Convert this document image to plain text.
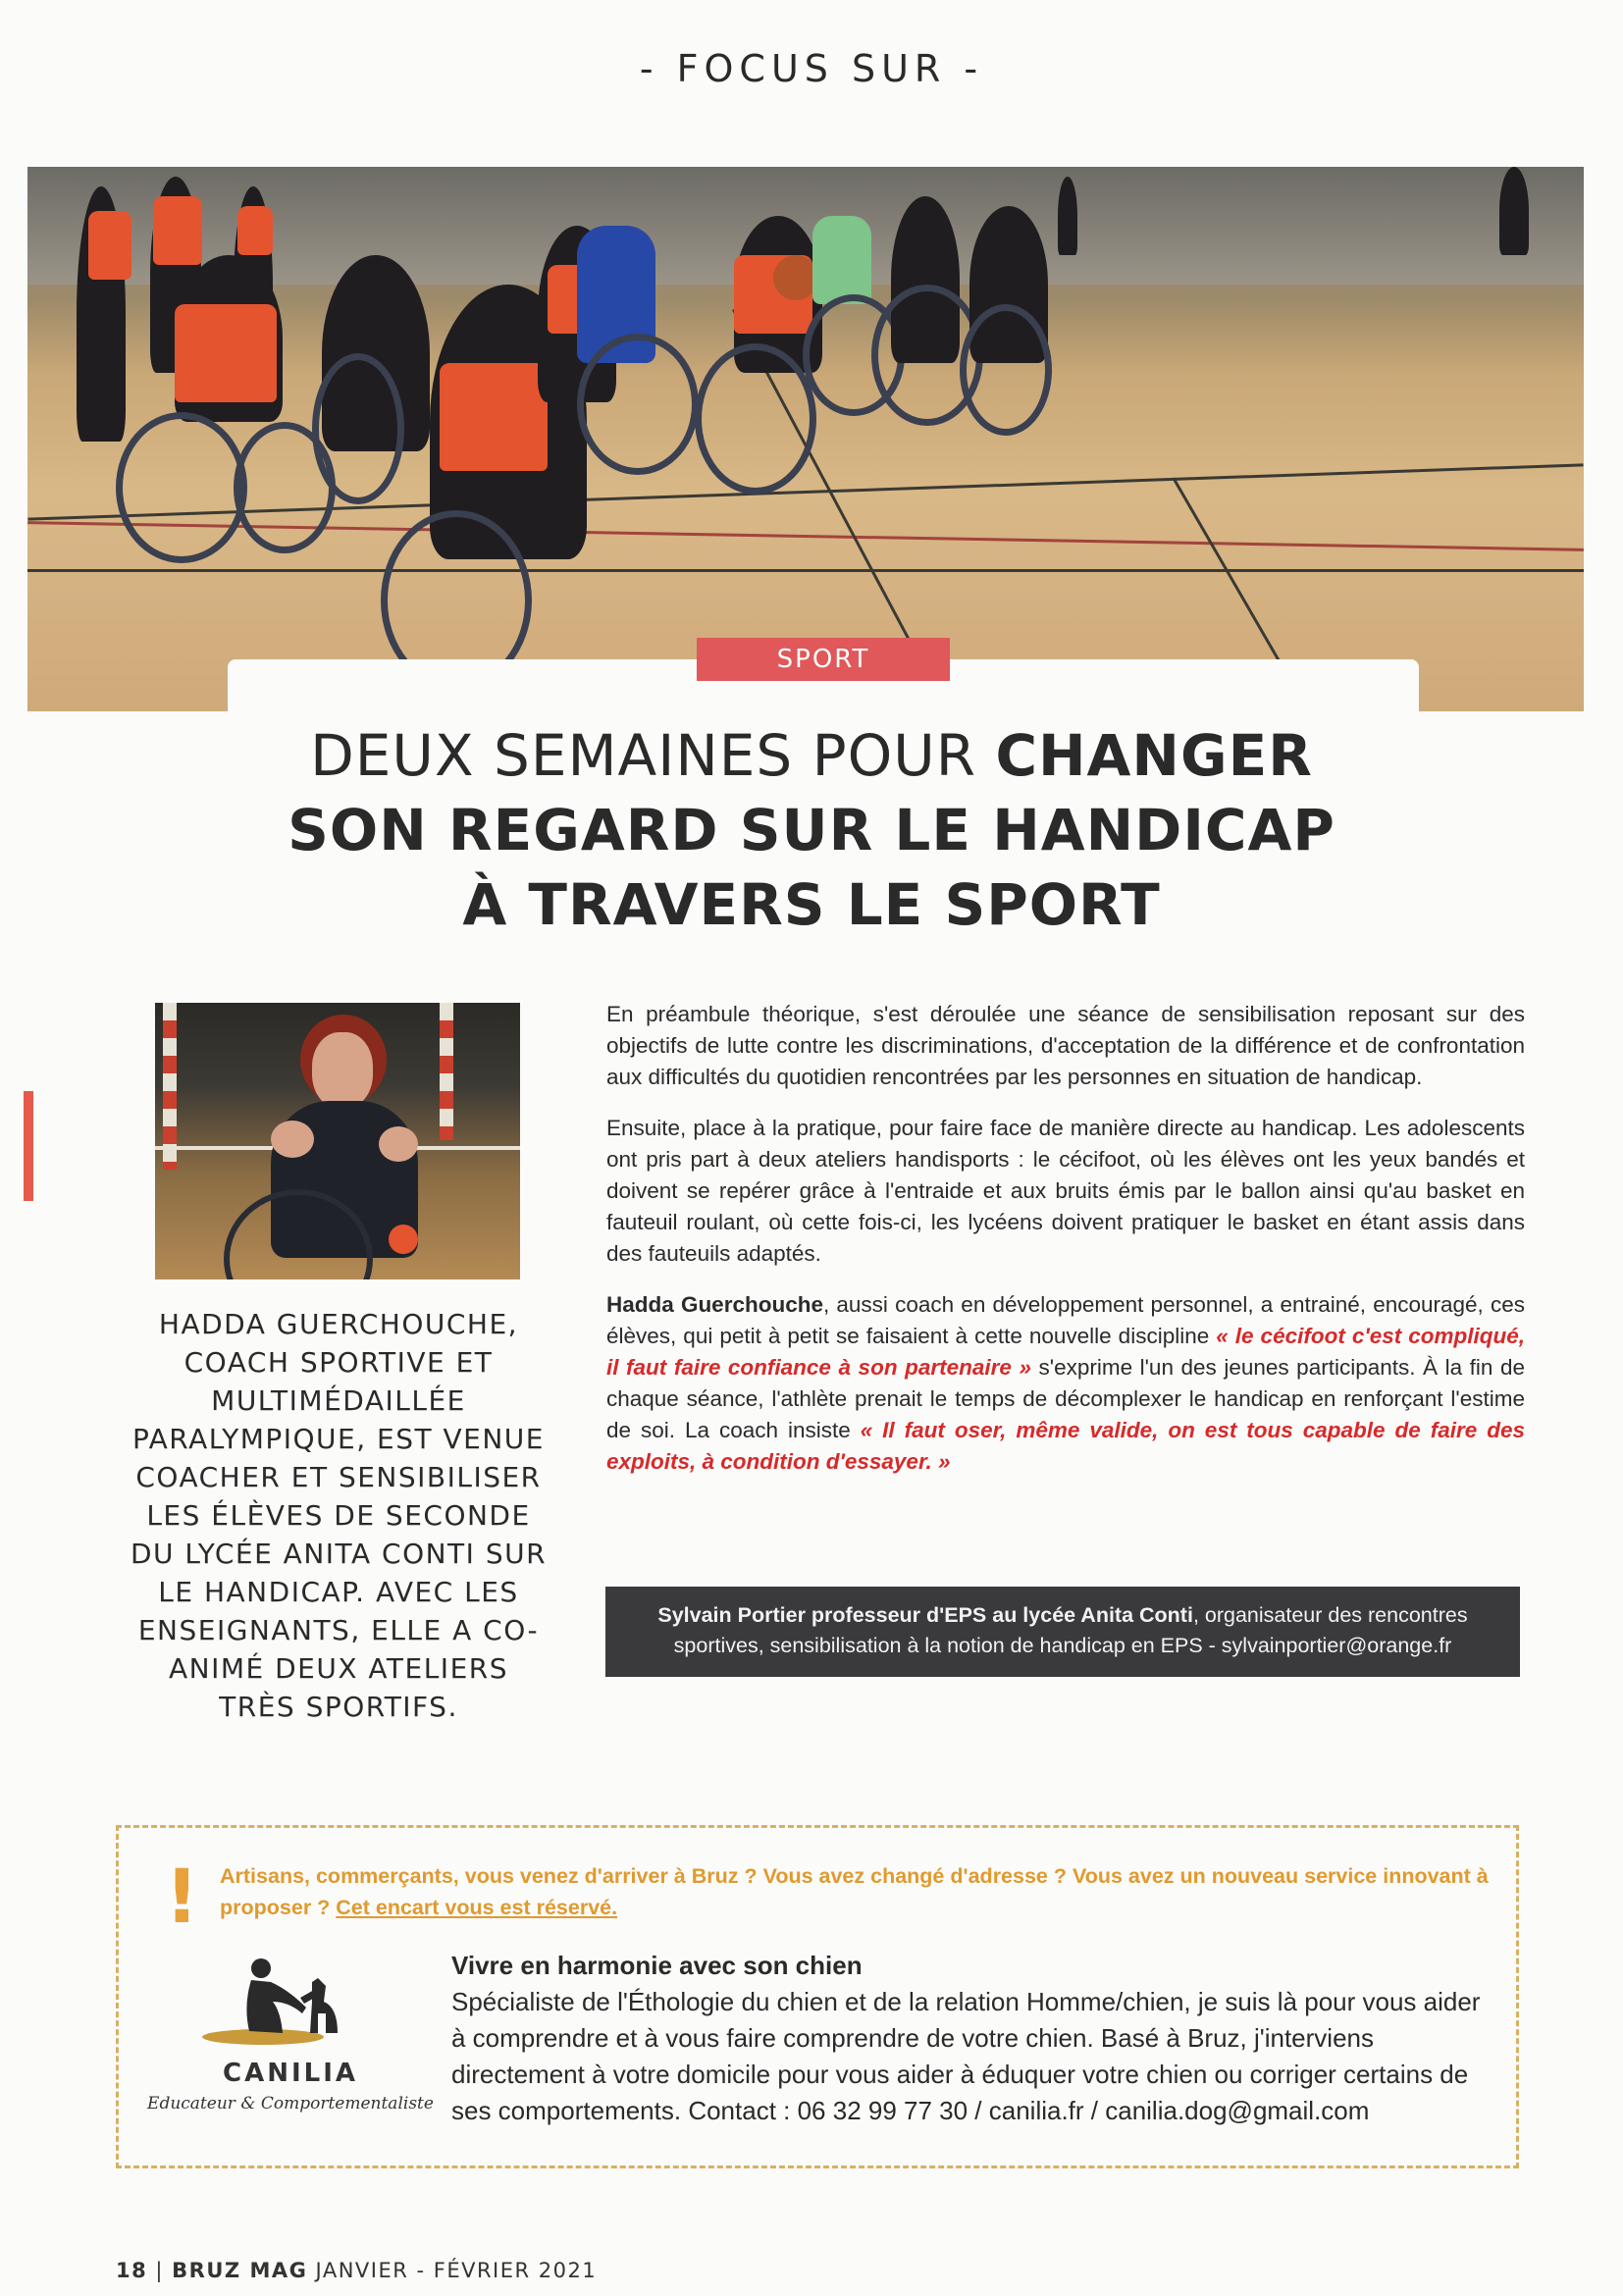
- FOCUS SUR -
SPORT
DEUX SEMAINES POUR CHANGER
SON REGARD SUR LE HANDICAP
À TRAVERS LE SPORT
HADDA GUERCHOUCHE, COACH SPORTIVE ET MULTIMÉDAILLÉE PARALYMPIQUE, EST VENUE COACHER ET SENSIBILISER LES ÉLÈVES DE SECONDE DU LYCÉE ANITA CONTI SUR LE HANDICAP. AVEC LES ENSEIGNANTS, ELLE A CO-ANIMÉ DEUX ATELIERS TRÈS SPORTIFS.

En préambule théorique, s'est déroulée une séance de sensibilisation reposant sur des objectifs de lutte contre les discriminations, d'acceptation de la différence et de confrontation aux difficultés du quotidien rencontrées par les personnes en situation de handicap.

Ensuite, place à la pratique, pour faire face de manière directe au handicap. Les adolescents ont pris part à deux ateliers handisports : le cécifoot, où les élèves ont les yeux bandés et doivent se repérer grâce à l'entraide et aux bruits émis par le ballon ainsi qu'au basket en fauteuil roulant, où cette fois-ci, les lycéens doivent pratiquer le basket en étant assis dans des fauteuils adaptés.

Hadda Guerchouche, aussi coach en développement personnel, a entrainé, encouragé, ces élèves, qui petit à petit se faisaient à cette nouvelle discipline « le cécifoot c'est compliqué, il faut faire confiance à son partenaire » s'exprime l'un des jeunes participants. À la fin de chaque séance, l'athlète prenait le temps de décomplexer le handicap en renforçant l'estime de soi. La coach insiste « Il faut oser, même valide, on est tous capable de faire des exploits, à condition d'essayer. »

Sylvain Portier professeur d'EPS au lycée Anita Conti, organisateur des rencontres sportives, sensibilisation à la notion de handicap en EPS - sylvainportier@orange.fr
! Artisans, commerçants, vous venez d'arriver à Bruz ? Vous avez changé d'adresse ? Vous avez un nouveau service innovant à proposer ? Cet encart vous est réservé.
CANILIA
Educateur & Comportementaliste
Vivre en harmonie avec son chien
Spécialiste de l'Éthologie du chien et de la relation Homme/chien, je suis là pour vous aider à comprendre et à vous faire comprendre de votre chien. Basé à Bruz, j'interviens directement à votre domicile pour vous aider à éduquer votre chien ou corriger certains de ses comportements. Contact : 06 32 99 77 30 / canilia.fr / canilia.dog@gmail.com
18 | BRUZ MAG JANVIER - FÉVRIER 2021
